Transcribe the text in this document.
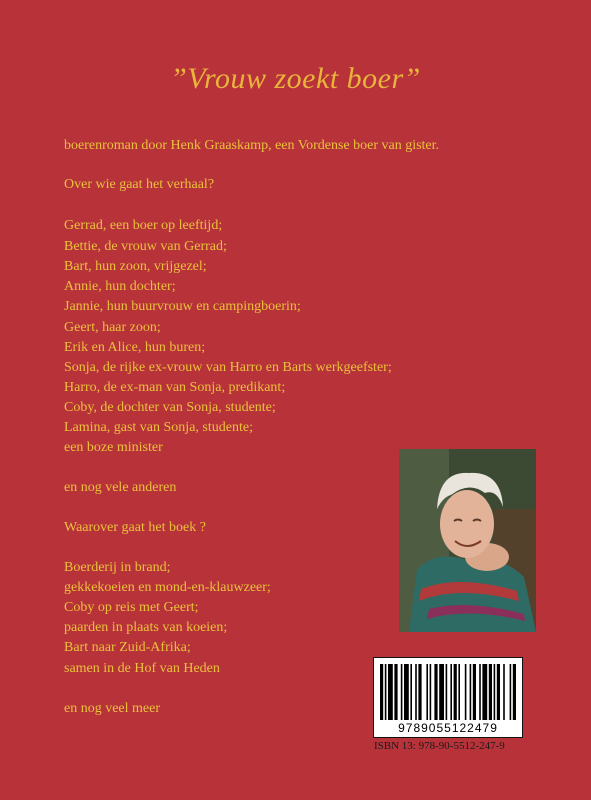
”Vrouw zoekt boer”
boerenroman door Henk Graaskamp, een Vordense boer van gister.
Over wie gaat het verhaal?
Gerrad, een boer op leeftijd;
Bettie, de vrouw van Gerrad;
Bart, hun zoon, vrijgezel;
Annie, hun dochter;
Jannie, hun buurvrouw en campingboerin;
Geert, haar zoon;
Erik en Alice, hun buren;
Sonja, de rijke ex-vrouw van Harro en Barts werkgeefster;
Harro, de ex-man van Sonja, predikant;
Coby, de dochter van Sonja, studente;
Lamina, gast van Sonja, studente;
een boze minister
en nog vele anderen
Waarover gaat het boek ?
Boerderij in brand;
gekkekoeien en mond-en-klauwzeer;
Coby op reis met Geert;
paarden in plaats van koeien;
Bart naar Zuid-Afrika;
samen in de Hof van Heden
en nog veel meer
9789055122479
ISBN 13: 978-90-5512-247-9
